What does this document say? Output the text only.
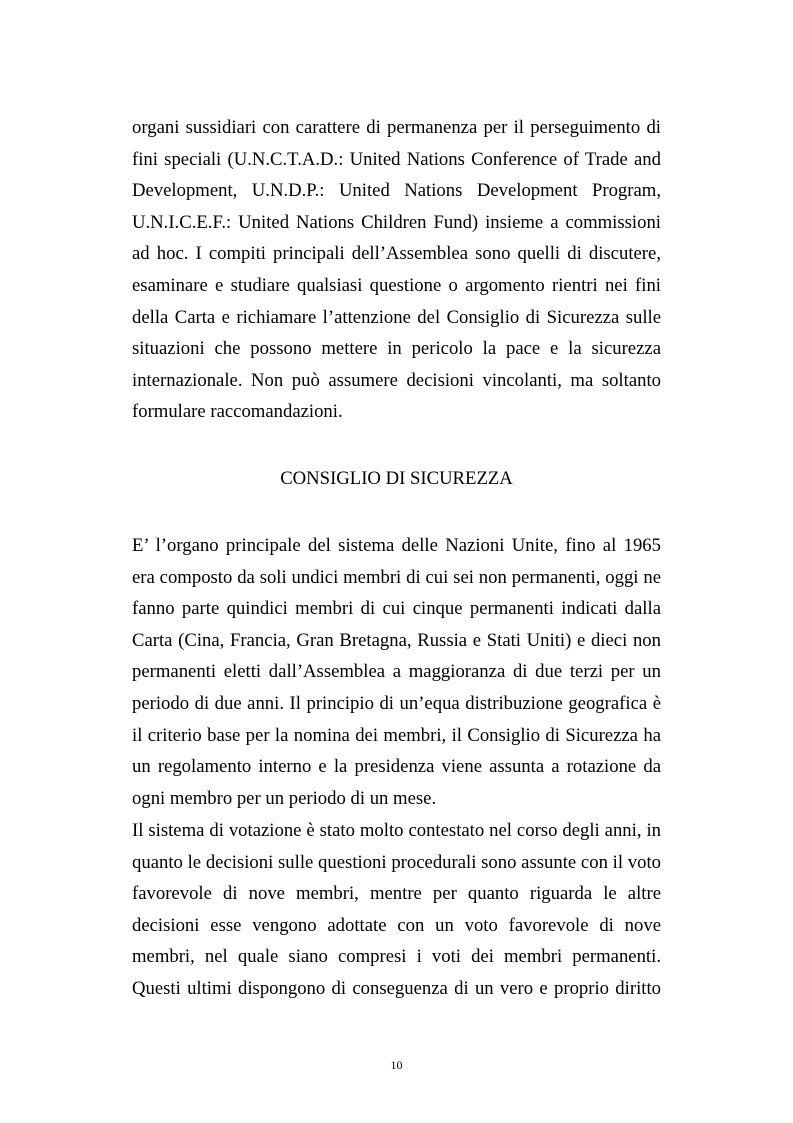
organi sussidiari con carattere di permanenza per il perseguimento di
fini speciali (U.N.C.T.A.D.: United Nations Conference of Trade and
Development, U.N.D.P.: United Nations Development Program,
U.N.I.C.E.F.: United Nations Children Fund) insieme a commissioni
ad hoc. I compiti principali dell’Assemblea sono quelli di discutere,
esaminare e studiare qualsiasi questione o argomento rientri nei fini
della Carta e richiamare l’attenzione del Consiglio di Sicurezza sulle
situazioni che possono mettere in pericolo la pace e la sicurezza
internazionale. Non può assumere decisioni vincolanti, ma soltanto
formulare raccomandazioni.
CONSIGLIO DI SICUREZZA
E’ l’organo principale del sistema delle Nazioni Unite, fino al 1965
era composto da soli undici membri di cui sei non permanenti, oggi ne
fanno parte quindici membri di cui cinque permanenti indicati dalla
Carta (Cina, Francia, Gran Bretagna, Russia e Stati Uniti) e dieci non
permanenti eletti dall’Assemblea a maggioranza di due terzi per un
periodo di due anni. Il principio di un’equa distribuzione geografica è
il criterio base per la nomina dei membri, il Consiglio di Sicurezza ha
un regolamento interno e la presidenza viene assunta a rotazione da
ogni membro per un periodo di un mese.
Il sistema di votazione è stato molto contestato nel corso degli anni, in
quanto le decisioni sulle questioni procedurali sono assunte con il voto
favorevole di nove membri, mentre per quanto riguarda le altre
decisioni esse vengono adottate con un voto favorevole di nove
membri, nel quale siano compresi i voti dei membri permanenti.
Questi ultimi dispongono di conseguenza di un vero e proprio diritto
10
